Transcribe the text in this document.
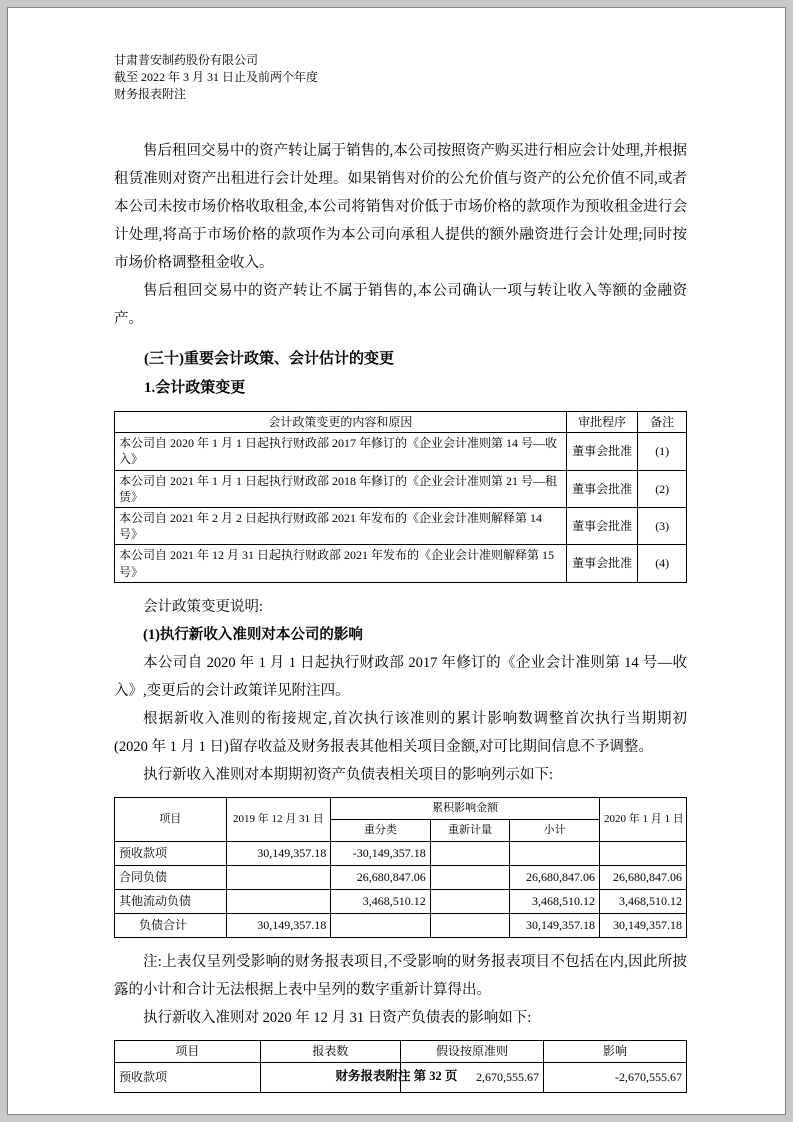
甘肃普安制药股份有限公司
截至 2022 年 3 月 31 日止及前两个年度
财务报表附注

售后租回交易中的资产转让属于销售的,本公司按照资产购买进行相应会计处理,并根据租赁准则对资产出租进行会计处理。如果销售对价的公允价值与资产的公允价值不同,或者本公司未按市场价格收取租金,本公司将销售对价低于市场价格的款项作为预收租金进行会计处理,将高于市场价格的款项作为本公司向承租人提供的额外融资进行会计处理;同时按市场价格调整租金收入。

售后租回交易中的资产转让不属于销售的,本公司确认一项与转让收入等额的金融资产。

(三十)重要会计政策、会计估计的变更
1.会计政策变更
会计政策变更的内容和原因	审批程序	备注
本公司自 2020 年 1 月 1 日起执行财政部 2017 年修订的《企业会计准则第 14 号—收入》	董事会批准	(1)
本公司自 2021 年 1 月 1 日起执行财政部 2018 年修订的《企业会计准则第 21 号—租赁》	董事会批准	(2)
本公司自 2021 年 2 月 2 日起执行财政部 2021 年发布的《企业会计准则解释第 14 号》	董事会批准	(3)
本公司自 2021 年 12 月 31 日起执行财政部 2021 年发布的《企业会计准则解释第 15 号》	董事会批准	(4)

会计政策变更说明:

(1)执行新收入准则对本公司的影响

本公司自 2020 年 1 月 1 日起执行财政部 2017 年修订的《企业会计准则第 14 号—收入》,变更后的会计政策详见附注四。

根据新收入准则的衔接规定,首次执行该准则的累计影响数调整首次执行当期期初(2020 年 1 月 1 日)留存收益及财务报表其他相关项目金额,对可比期间信息不予调整。

执行新收入准则对本期期初资产负债表相关项目的影响列示如下:

项目	2019 年 12 月 31 日	累积影响金额			2020 年 1 月 1 日
		重分类	重新计量	小计	
预收款项	30,149,357.18	-30,149,357.18			
合同负债		26,680,847.06		26,680,847.06	26,680,847.06
其他流动负债		3,468,510.12		3,468,510.12	3,468,510.12
负债合计	30,149,357.18			30,149,357.18	30,149,357.18

注:上表仅呈列受影响的财务报表项目,不受影响的财务报表项目不包括在内,因此所披露的小计和合计无法根据上表中呈列的数字重新计算得出。

执行新收入准则对 2020 年 12 月 31 日资产负债表的影响如下:

项目	报表数	假设按原准则	影响
预收款项		2,670,555.67	-2,670,555.67
财务报表附注 第 32 页
